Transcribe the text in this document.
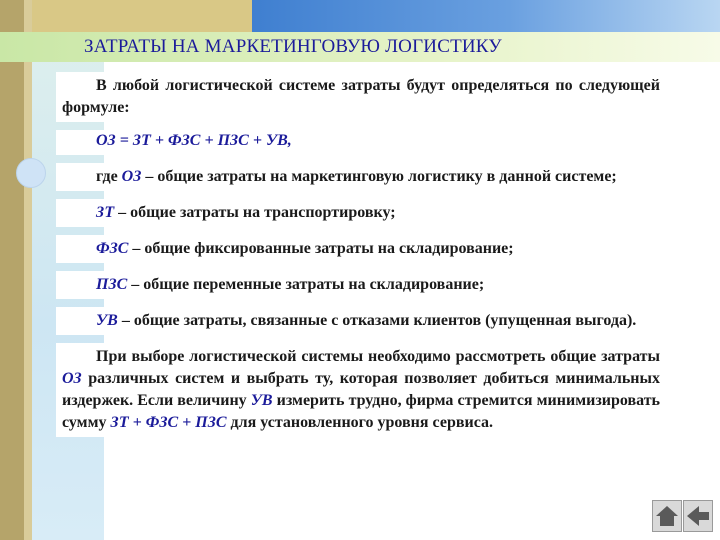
ЗАТРАТЫ НА МАРКЕТИНГОВУЮ ЛОГИСТИКУ

В любой логистической системе затраты будут определяться по следующей формуле:

ОЗ = ЗТ + ФЗС + ПЗС + УВ,

где ОЗ – общие затраты на маркетинговую логистику в данной системе;

ЗТ – общие затраты на транспортировку;

ФЗС – общие фиксированные затраты на складирование;

ПЗС – общие переменные затраты на складирование;

УВ – общие затраты, связанные с отказами клиентов (упущенная выгода).

При выборе логистической системы необходимо рассмотреть общие затраты ОЗ различных систем и выбрать ту, которая позволяет добиться минимальных издержек. Если величину УВ измерить трудно, фирма стремится минимизировать сумму ЗТ + ФЗС + ПЗС для установленного уровня сервиса.
